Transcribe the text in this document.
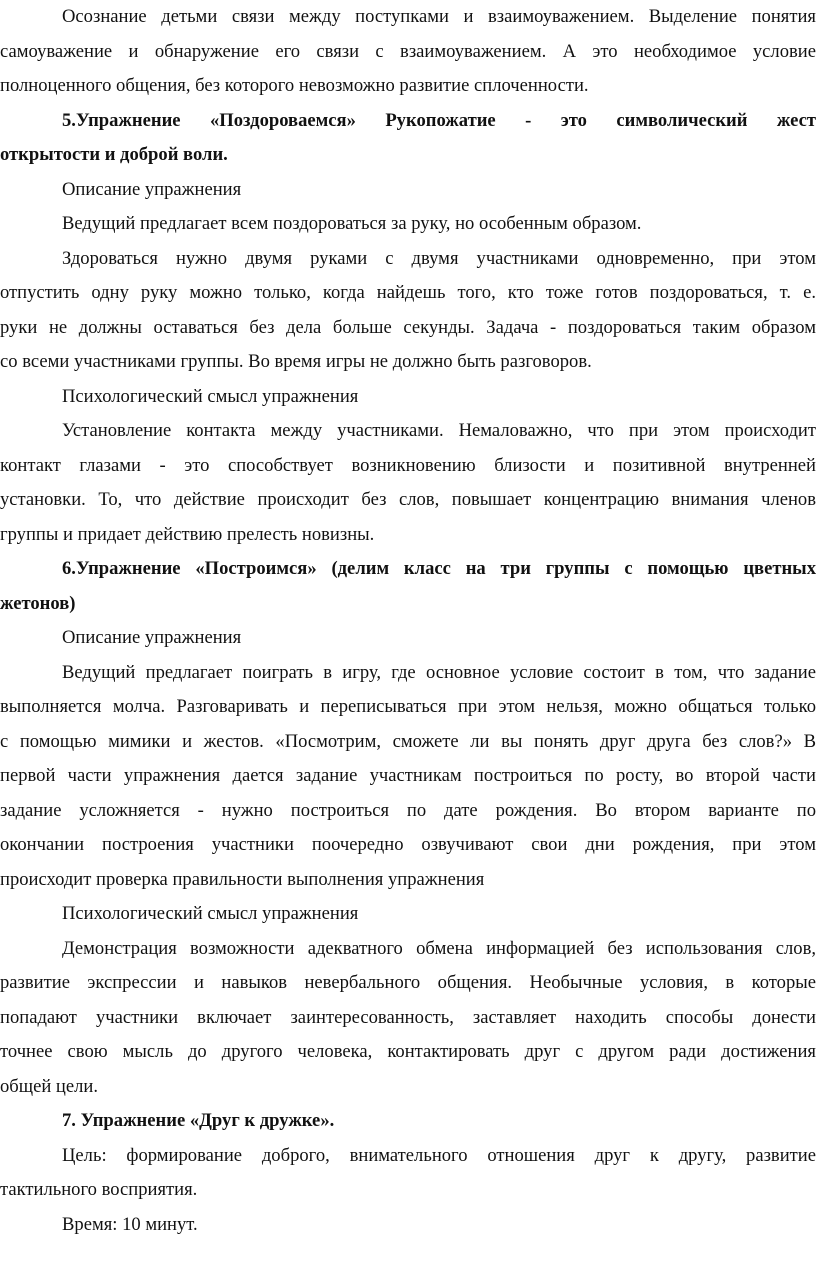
Осознание детьми связи между поступками и взаимоуважением. Выделение понятия
самоуважение и обнаружение его связи с взаимоуважением. А это необходимое условие
полноценного общения, без которого невозможно развитие сплоченности.
5.Упражнение «Поздороваемся» Рукопожатие - это символический жест
открытости и доброй воли.
Описание упражнения
Ведущий предлагает всем поздороваться за руку, но особенным образом.
Здороваться нужно двумя руками с двумя участниками одновременно, при этом
отпустить одну руку можно только, когда найдешь того, кто тоже готов поздороваться, т. е.
руки не должны оставаться без дела больше секунды. Задача - поздороваться таким образом
со всеми участниками группы. Во время игры не должно быть разговоров.
Психологический смысл упражнения
Установление контакта между участниками. Немаловажно, что при этом происходит
контакт глазами - это способствует возникновению близости и позитивной внутренней
установки. То, что действие происходит без слов, повышает концентрацию внимания членов
группы и придает действию прелесть новизны.
6.Упражнение «Построимся» (делим класс на три группы с помощью цветных
жетонов)
Описание упражнения
Ведущий предлагает поиграть в игру, где основное условие состоит в том, что задание
выполняется молча. Разговаривать и переписываться при этом нельзя, можно общаться только
с помощью мимики и жестов. «Посмотрим, сможете ли вы понять друг друга без слов?» В
первой части упражнения дается задание участникам построиться по росту, во второй части
задание усложняется - нужно построиться по дате рождения. Во втором варианте по
окончании построения участники поочередно озвучивают свои дни рождения, при этом
происходит проверка правильности выполнения упражнения
Психологический смысл упражнения
Демонстрация возможности адекватного обмена информацией без использования слов,
развитие экспрессии и навыков невербального общения. Необычные условия, в которые
попадают участники включает заинтересованность, заставляет находить способы донести
точнее свою мысль до другого человека, контактировать друг с другом ради достижения
общей цели.
7. Упражнение «Друг к дружке».
Цель: формирование доброго, внимательного отношения друг к другу, развитие
тактильного восприятия.
Время: 10 минут.
